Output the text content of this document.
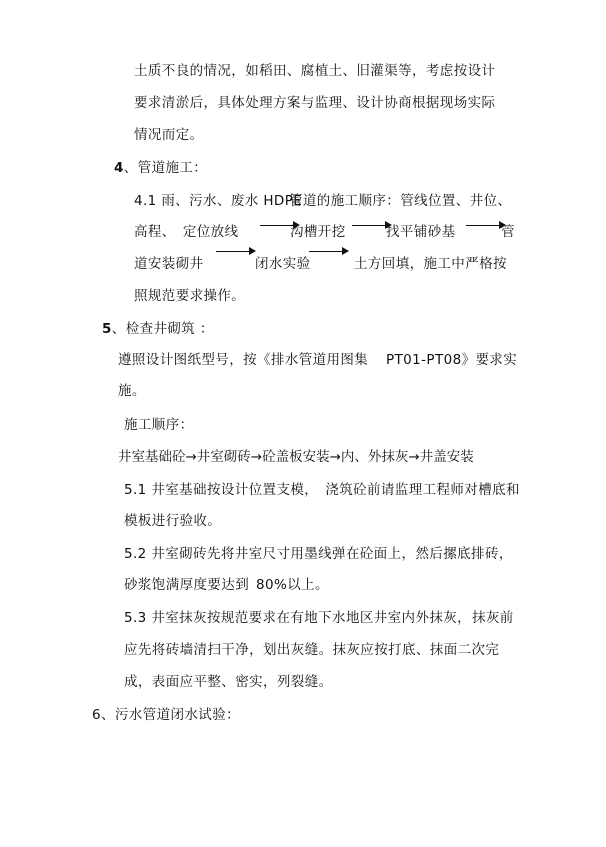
土质不良的情况，如稻田、腐植土、旧灌渠等，考虑按设计
要求清淤后，具体处理方案与监理、设计协商根据现场实际
情况而定。
4、管道施工：
4.1 雨、污水、废水 HDPE
管道的施工顺序：管线位置、井位、
高程、　定位放线	沟槽开挖	找平铺砂基	管
道安装砌井	闭水实验	土方回填，施工中严格按
照规范要求操作。
5、检查井砌筑 ：
遵照设计图纸型号，按《排水管道用图集 PT01-PT08》要求实
施。
施工顺序：
井室基础砼→井室砌砖→砼盖板安装→内、外抹灰→井盖安装
5.1 井室基础按设计位置支模，　浇筑砼前请监理工程师对槽底和
模板进行验收。
5.2 井室砌砖先将井室尺寸用墨线弹在砼面上，然后摞底排砖，
砂浆饱满厚度要达到 80%以上。
5.3 井室抹灰按规范要求在有地下水地区井室内外抹灰， 抹灰前
应先将砖墙清扫干净，划出灰缝。抹灰应按打底、抹面二次完
成，表面应平整、密实，列裂缝。
6、污水管道闭水试验：
